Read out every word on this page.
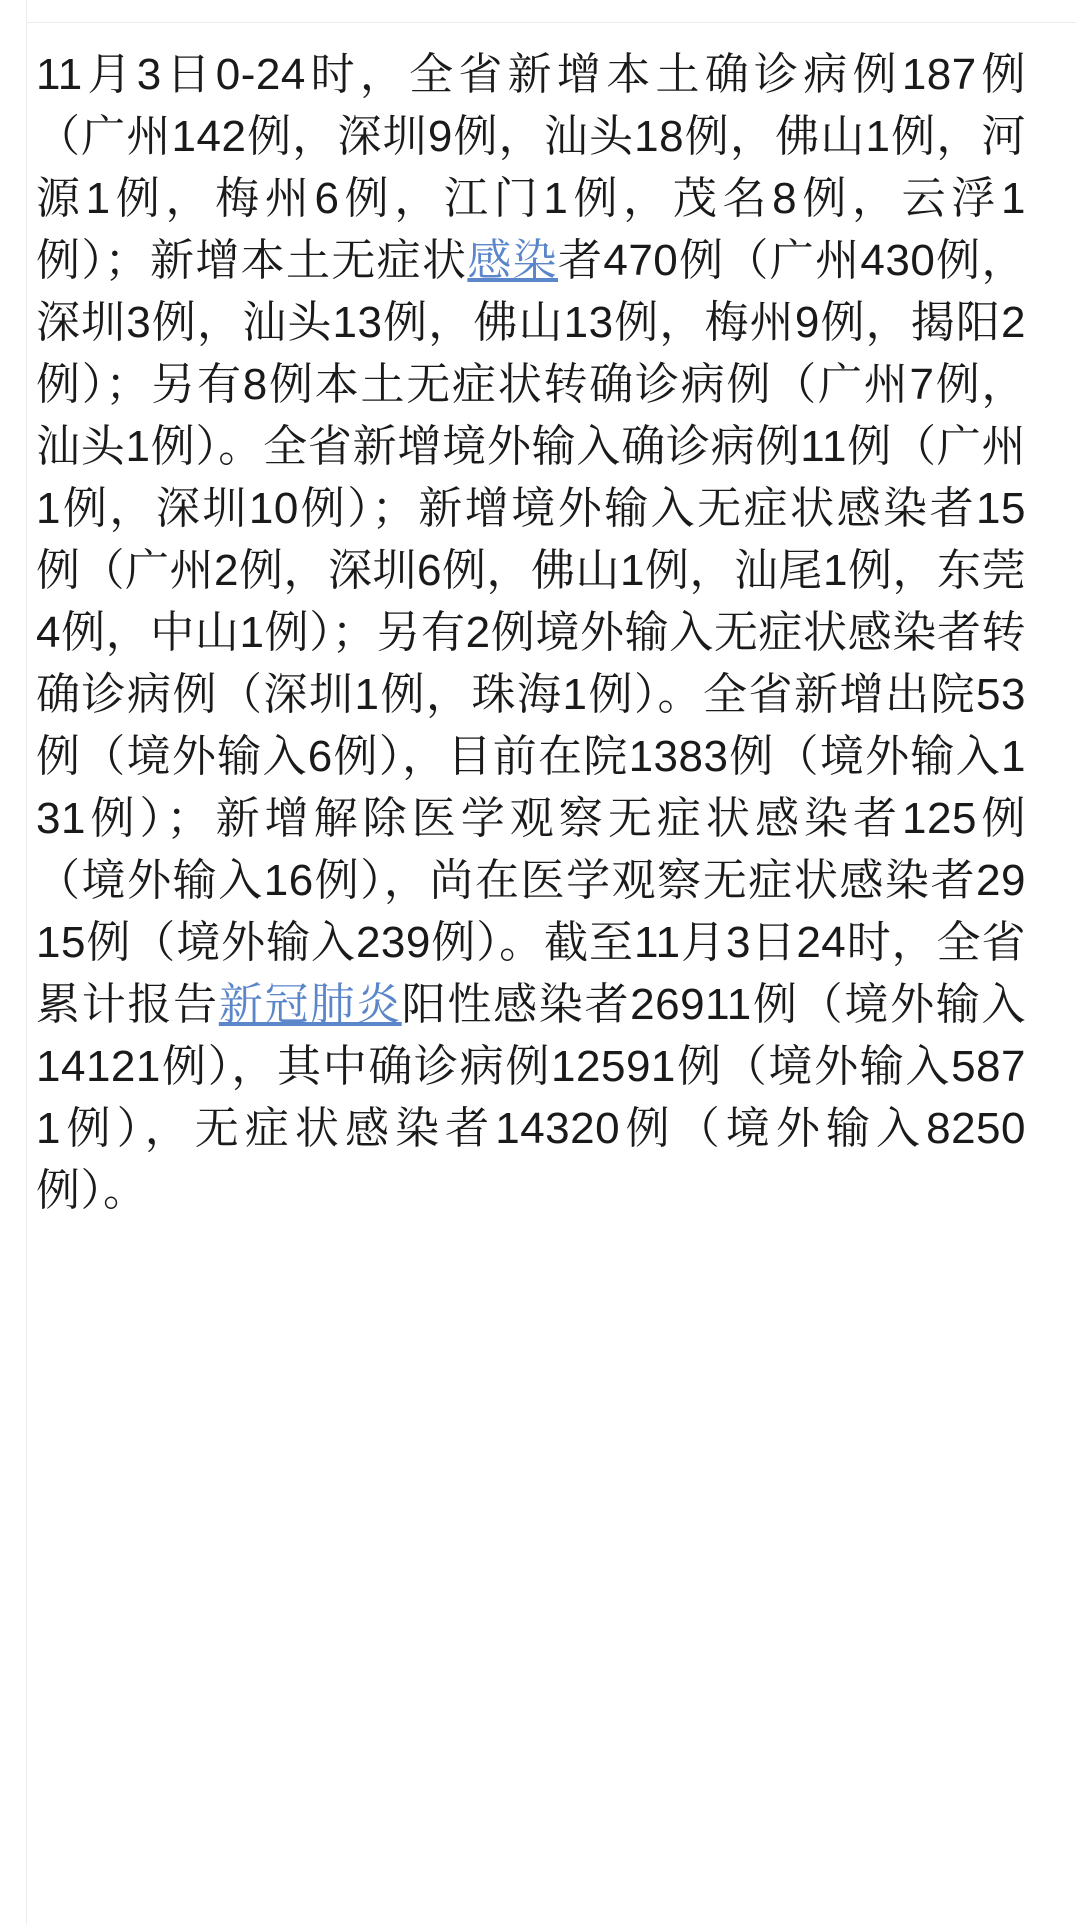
11月3日0-24时，全省新增本土确诊病例187例（广州142例，深圳9例，汕头18例，佛山1例，河源1例，梅州6例，江门1例，茂名8例，云浮1例）；新增本土无症状感染者470例（广州430例，深圳3例，汕头13例，佛山13例，梅州9例，揭阳2例）；另有8例本土无症状转确诊病例（广州7例，汕头1例）。全省新增境外输入确诊病例11例（广州1例，深圳10例）；新增境外输入无症状感染者15例（广州2例，深圳6例，佛山1例，汕尾1例，东莞4例，中山1例）；另有2例境外输入无症状感染者转确诊病例（深圳1例，珠海1例）。全省新增出院53例（境外输入6例），目前在院1383例（境外输入131例）；新增解除医学观察无症状感染者125例（境外输入16例），尚在医学观察无症状感染者2915例（境外输入239例）。截至11月3日24时，全省累计报告新冠肺炎阳性感染者26911例（境外输入14121例），其中确诊病例12591例（境外输入5871例），无症状感染者14320例（境外输入8250例）。
